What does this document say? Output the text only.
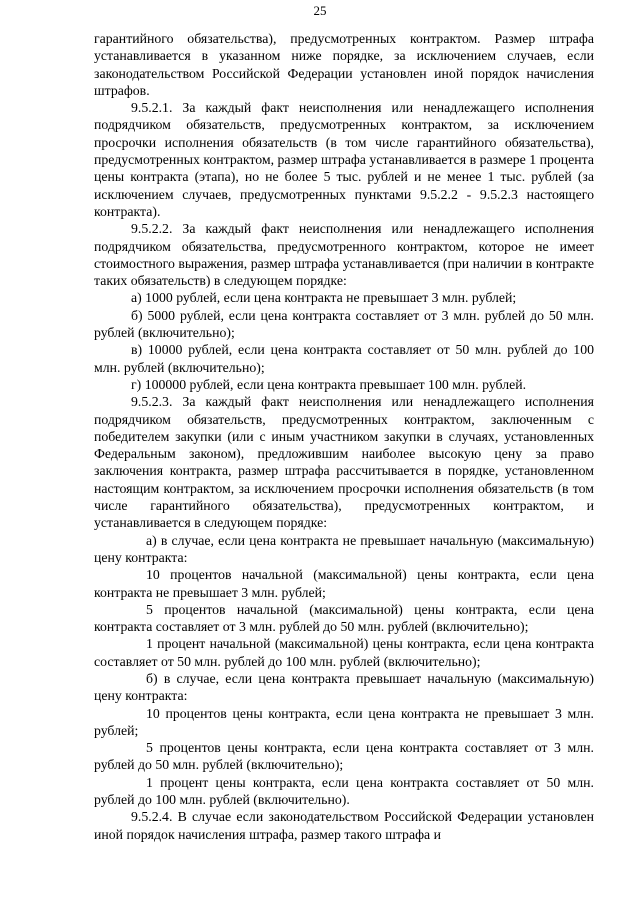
25

гарантийного обязательства), предусмотренных контрактом. Размер штрафа устанавливается в указанном ниже порядке, за исключением случаев, если законодательством Российской Федерации установлен иной порядок начисления штрафов.

9.5.2.1. За каждый факт неисполнения или ненадлежащего исполнения подрядчиком обязательств, предусмотренных контрактом, за исключением просрочки исполнения обязательств (в том числе гарантийного обязательства), предусмотренных контрактом, размер штрафа устанавливается в размере 1 процента цены контракта (этапа), но не более 5 тыс. рублей и не менее 1 тыс. рублей (за исключением случаев, предусмотренных пунктами 9.5.2.2 - 9.5.2.3 настоящего контракта).

9.5.2.2. За каждый факт неисполнения или ненадлежащего исполнения подрядчиком обязательства, предусмотренного контрактом, которое не имеет стоимостного выражения, размер штрафа устанавливается (при наличии в контракте таких обязательств) в следующем порядке:

а) 1000 рублей, если цена контракта не превышает 3 млн. рублей;

б) 5000 рублей, если цена контракта составляет от 3 млн. рублей до 50 млн. рублей (включительно);

в) 10000 рублей, если цена контракта составляет от 50 млн. рублей до 100 млн. рублей (включительно);

г) 100000 рублей, если цена контракта превышает 100 млн. рублей.

9.5.2.3. За каждый факт неисполнения или ненадлежащего исполнения подрядчиком обязательств, предусмотренных контрактом, заключенным с победителем закупки (или с иным участником закупки в случаях, установленных Федеральным законом), предложившим наиболее высокую цену за право заключения контракта, размер штрафа рассчитывается в порядке, установленном настоящим контрактом, за исключением просрочки исполнения обязательств (в том числе гарантийного обязательства), предусмотренных контрактом, и устанавливается в следующем порядке:

а) в случае, если цена контракта не превышает начальную (максимальную) цену контракта:

10 процентов начальной (максимальной) цены контракта, если цена контракта не превышает 3 млн. рублей;

5 процентов начальной (максимальной) цены контракта, если цена контракта составляет от 3 млн. рублей до 50 млн. рублей (включительно);

1 процент начальной (максимальной) цены контракта, если цена контракта составляет от 50 млн. рублей до 100 млн. рублей (включительно);

б) в случае, если цена контракта превышает начальную (максимальную) цену контракта:

10 процентов цены контракта, если цена контракта не превышает 3 млн. рублей;

5 процентов цены контракта, если цена контракта составляет от 3 млн. рублей до 50 млн. рублей (включительно);

1 процент цены контракта, если цена контракта составляет от 50 млн. рублей до 100 млн. рублей (включительно).

9.5.2.4. В случае если законодательством Российской Федерации установлен иной порядок начисления штрафа, размер такого штрафа и
